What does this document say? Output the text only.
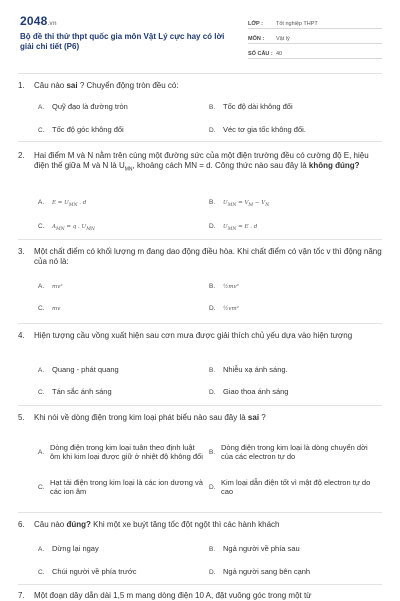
2048.vn
Bộ đề thi thử thpt quốc gia môn Vật Lý cực hay có lời giải chi tiết (P6)
LỚP :	Tốt nghiệp THPT
MÔN :	Vật lý
SỐ CÂU : 40
1.	Câu nào sai ? Chuyển động tròn đều có:
A. Quỹ đạo là đường tròn	B. Tốc độ dài không đổi
C. Tốc độ góc không đổi	D. Véc tơ gia tốc không đổi.
2.	Hai điểm M và N nằm trên cùng một đường sức của một điện trường đều có cường độ E, hiệu điện thế giữa M và N là $U_{MN}$, khoảng cách MN = d. Công thức nào sau đây là không đúng?
A. $E = U_{MN}$ . d	B. $U_{MN} = V_M - V_N$
C. $A_{MN} = q$ . $U_{MN}$	D. $U_{MN} = E$ . d
3.	Một chất điểm có khối lượng m đang dao động điều hòa. Khi chất điểm có vận tốc v thì động năng của nó là:
A. mv²	B. ½mv²
C. mv	D. ½vm²
4.	Hiện tượng cầu vồng xuất hiện sau cơn mưa được giải thích chủ yếu dựa vào hiện tượng
A. Quang - phát quang	B. Nhiễu xạ ánh sáng.
C. Tán sắc ánh sáng	D. Giao thoa ánh sáng
5.	Khi nói về dòng điện trong kim loại phát biểu nào sau đây là sai ?
A. Dòng điện trong kim loại tuân theo định luật ôm khi kim loại được giữ ở nhiệt độ không đổi B. Dòng điện trong kim loại là dòng chuyển dời của các electron tự do
C. Hạt tải điện trong kim loại là các ion dương và các ion âm	D. Kim loại dẫn điện tốt vì mật độ electron tự do cao
6.	Câu nào đúng? Khi một xe buýt tăng tốc đột ngột thì các hành khách
A. Dừng lại ngay	B. Ngả người về phía sau
C. Chúi người về phía trước	D. Ngả người sang bên cạnh
7.	Một đoạn dây dẫn dài 1,5 m mang dòng điện 10 A, đặt vuông góc trong một từ
